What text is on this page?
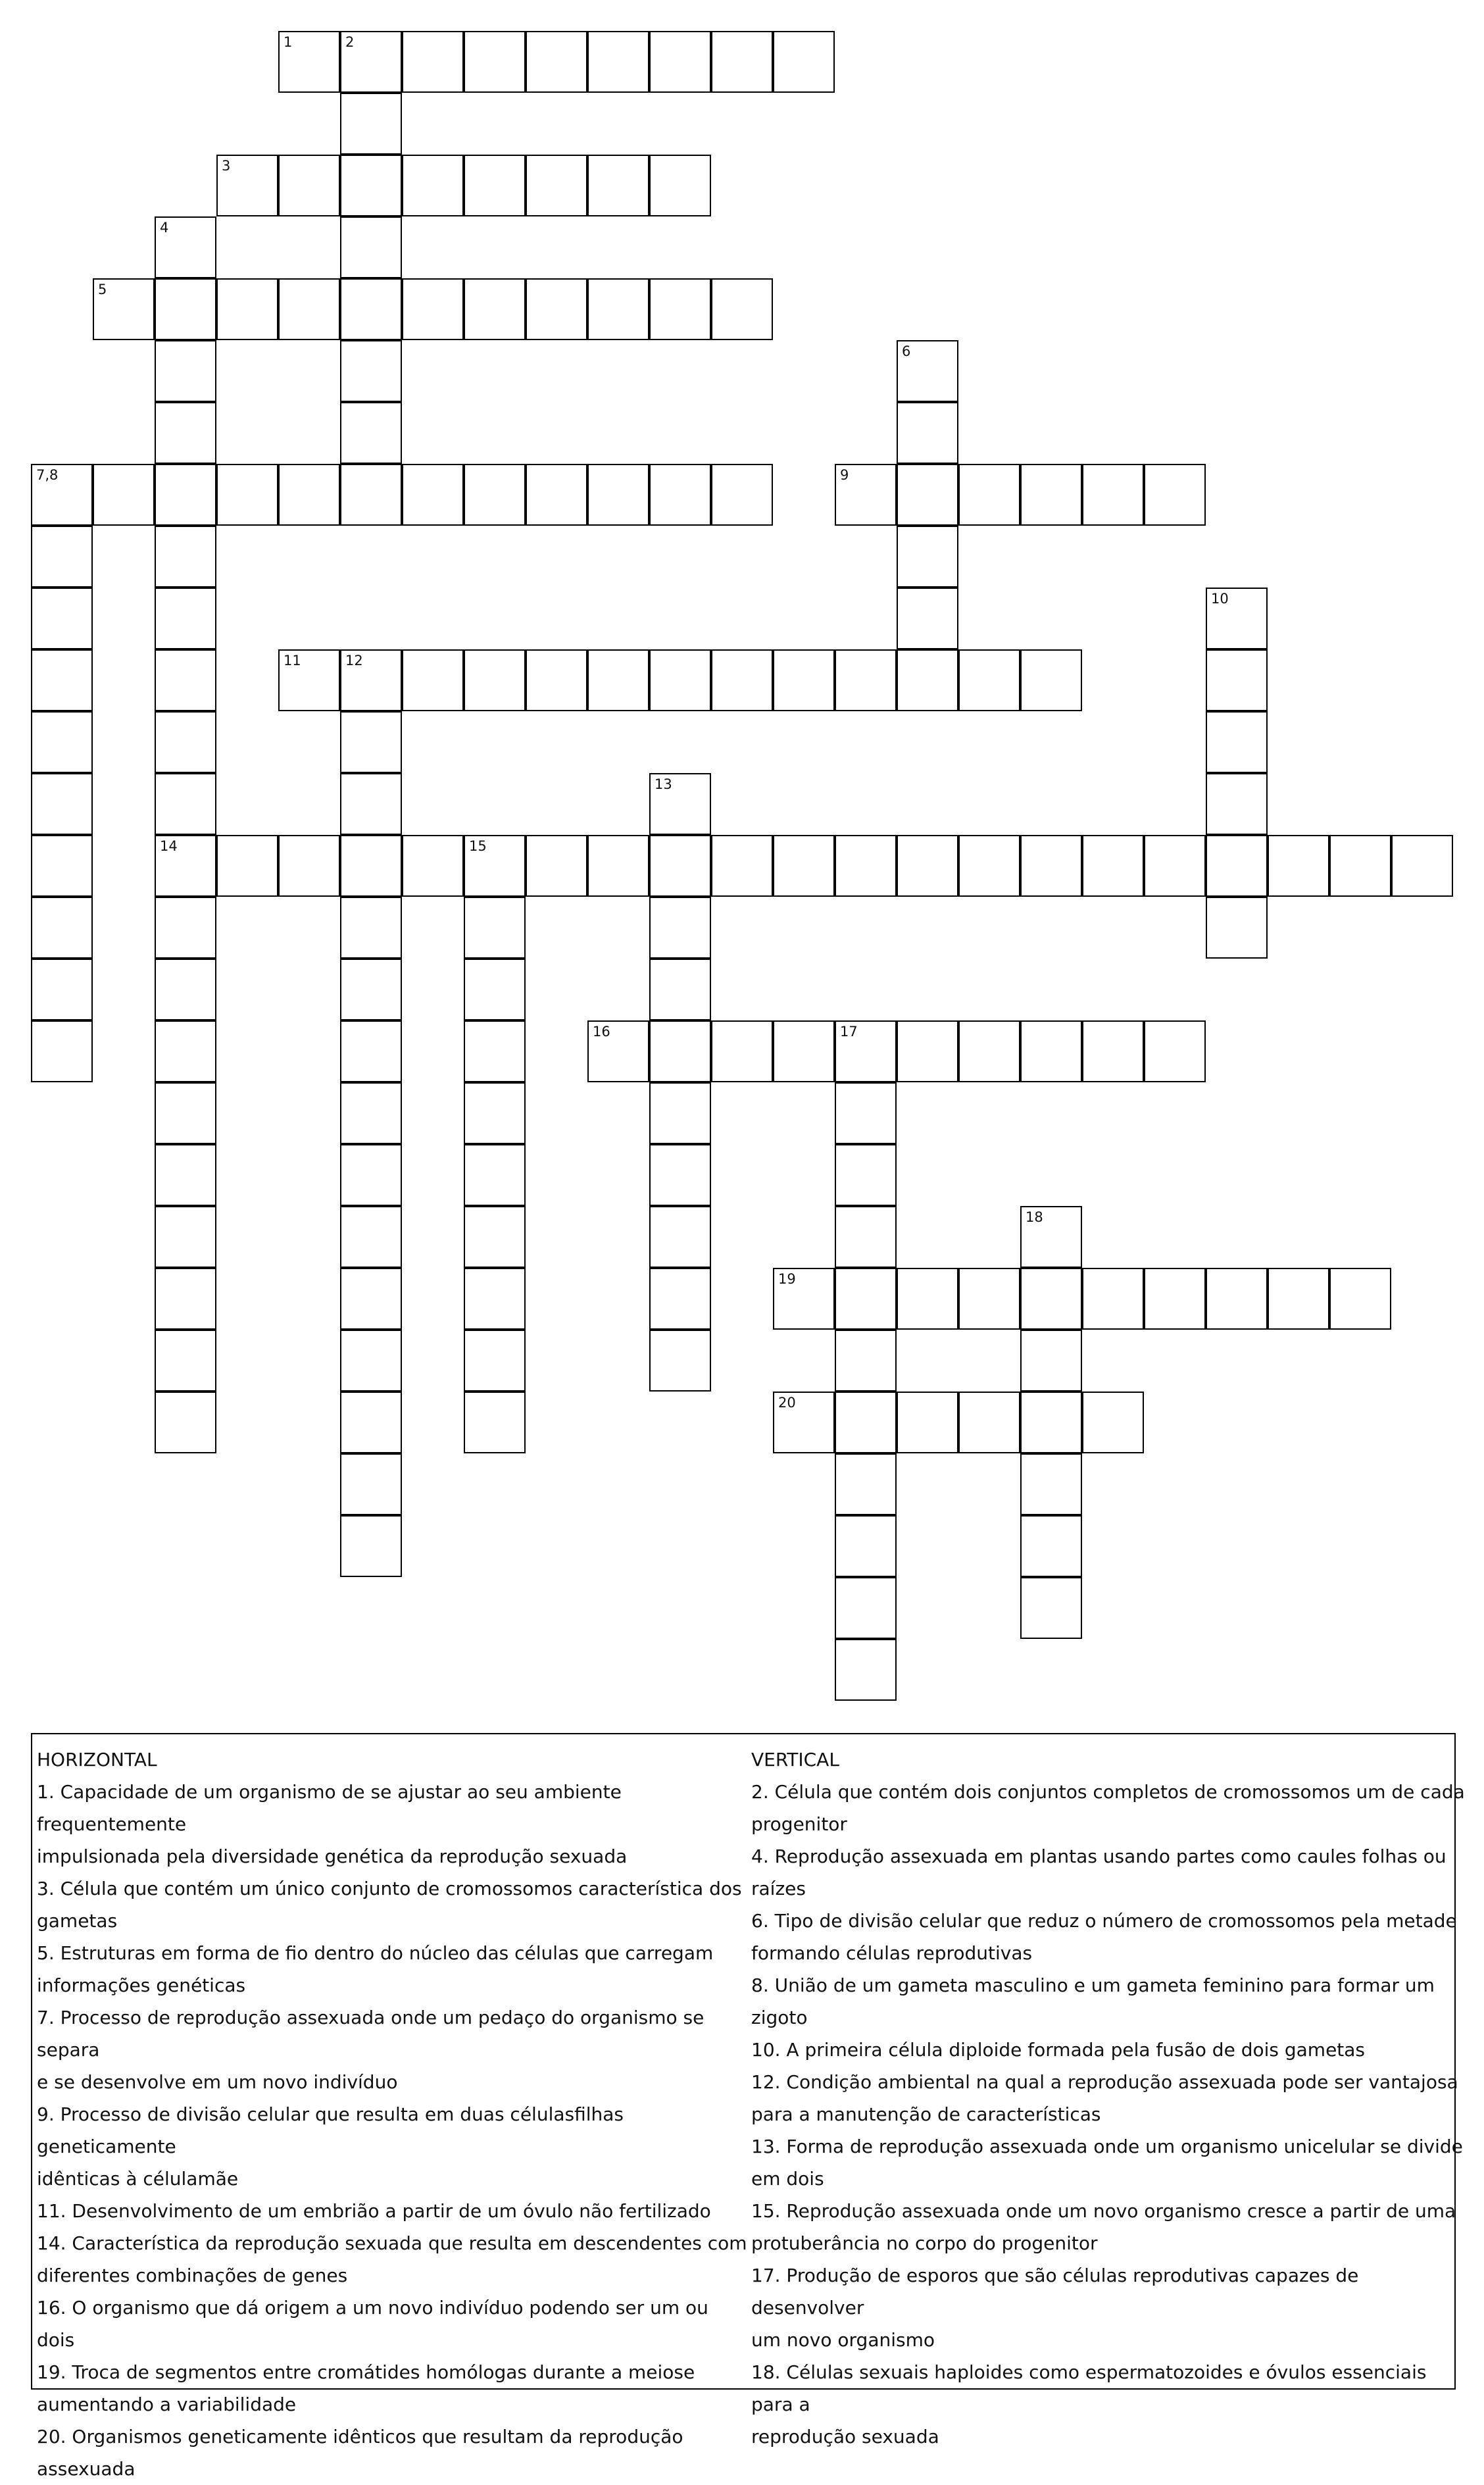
1	2
3
4
5
6
7,8	9
10
11	12
13
14	15
16	17
18
19
20
HORIZONTAL
1. Capacidade de um organismo de se ajustar ao seu ambiente frequentemente
impulsionada pela diversidade genética da reprodução sexuada
3. Célula que contém um único conjunto de cromossomos característica dos
gametas
5. Estruturas em forma de fio dentro do núcleo das células que carregam
informações genéticas
7. Processo de reprodução assexuada onde um pedaço do organismo se separa
e se desenvolve em um novo indivíduo
9. Processo de divisão celular que resulta em duas célulasfilhas geneticamente
idênticas à célulamãe
11. Desenvolvimento de um embrião a partir de um óvulo não fertilizado
14. Característica da reprodução sexuada que resulta em descendentes com
diferentes combinações de genes
16. O organismo que dá origem a um novo indivíduo podendo ser um ou dois
19. Troca de segmentos entre cromátides homólogas durante a meiose
aumentando a variabilidade
20. Organismos geneticamente idênticos que resultam da reprodução
assexuada
VERTICAL
2. Célula que contém dois conjuntos completos de cromossomos um de cada
progenitor
4. Reprodução assexuada em plantas usando partes como caules folhas ou
raízes
6. Tipo de divisão celular que reduz o número de cromossomos pela metade
formando células reprodutivas
8. União de um gameta masculino e um gameta feminino para formar um zigoto
10. A primeira célula diploide formada pela fusão de dois gametas
12. Condição ambiental na qual a reprodução assexuada pode ser vantajosa
para a manutenção de características
13. Forma de reprodução assexuada onde um organismo unicelular se divide
em dois
15. Reprodução assexuada onde um novo organismo cresce a partir de uma
protuberância no corpo do progenitor
17. Produção de esporos que são células reprodutivas capazes de desenvolver
um novo organismo
18. Células sexuais haploides como espermatozoides e óvulos essenciais para a
reprodução sexuada
